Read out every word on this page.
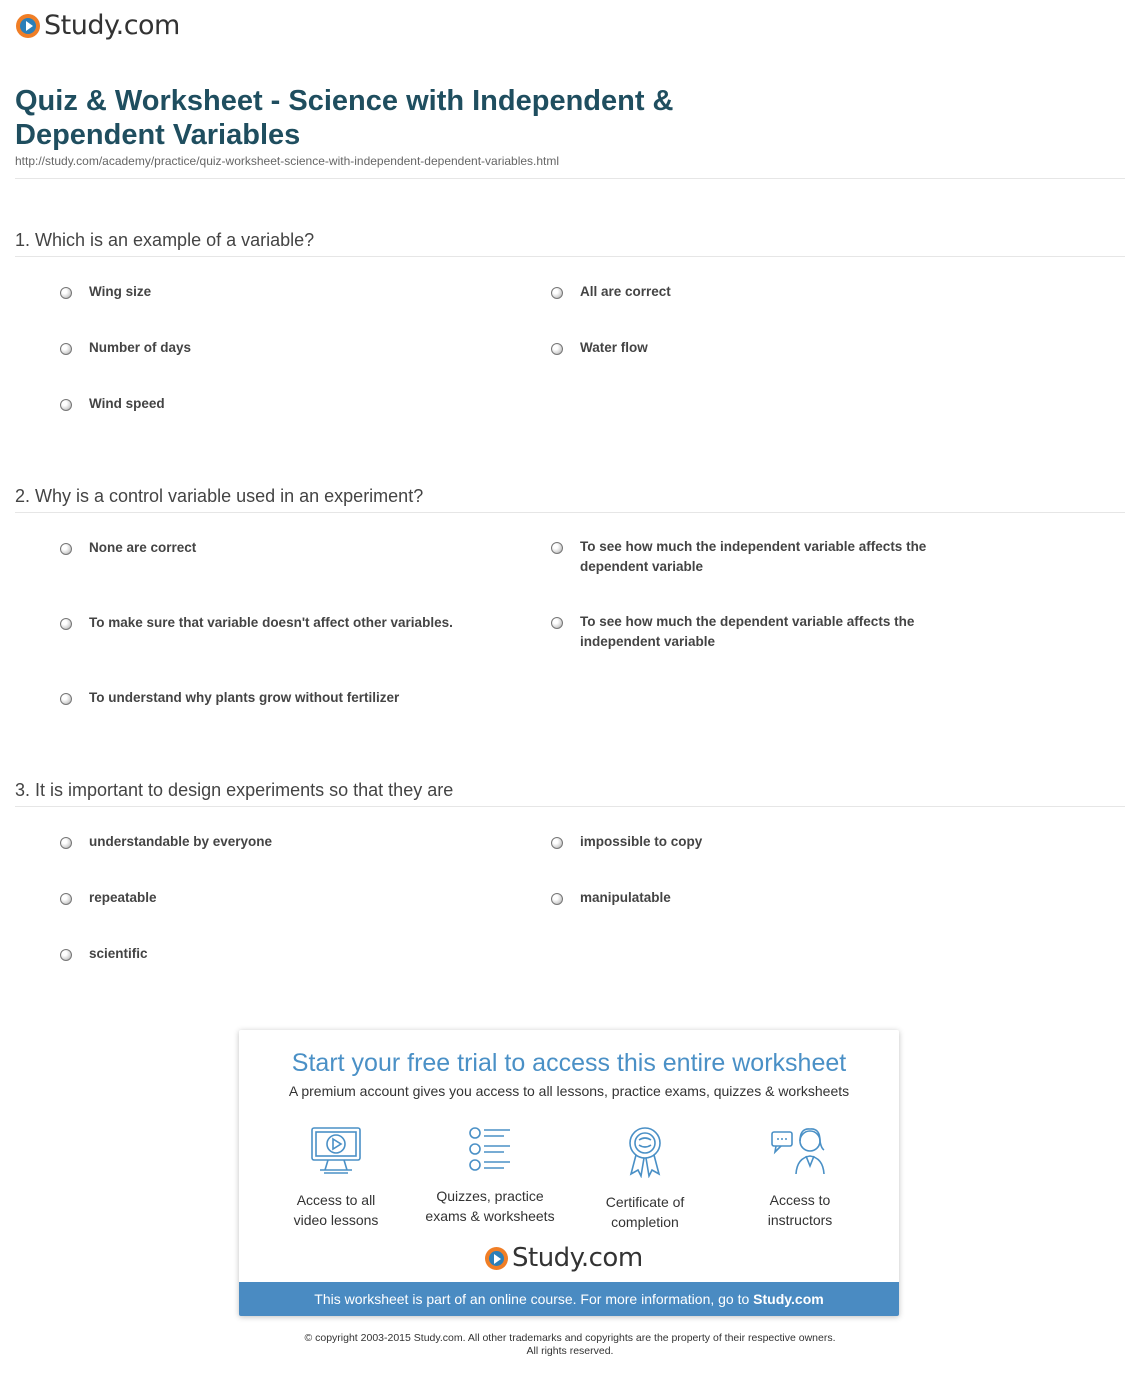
Study.com
Quiz & Worksheet - Science with Independent &
Dependent Variables
http://study.com/academy/practice/quiz-worksheet-science-with-independent-dependent-variables.html
1. Which is an example of a variable?
Wing size	All are correct
Number of days	Water flow
Wind speed
2. Why is a control variable used in an experiment?
None are correct	To see how much the independent variable affects the
dependent variable
To make sure that variable doesn't affect other variables.	To see how much the dependent variable affects the
independent variable
To understand why plants grow without fertilizer
3. It is important to design experiments so that they are
understandable by everyone	impossible to copy
repeatable	manipulatable
scientific
Start your free trial to access this entire worksheet
A premium account gives you access to all lessons, practice exams, quizzes & worksheets
Access to all
video lessons
Quizzes, practice
exams & worksheets
Certificate of
completion
Access to
instructors
Study.com
This worksheet is part of an online course. For more information, go to Study.com
© copyright 2003-2015 Study.com. All other trademarks and copyrights are the property of their respective owners.
All rights reserved.
